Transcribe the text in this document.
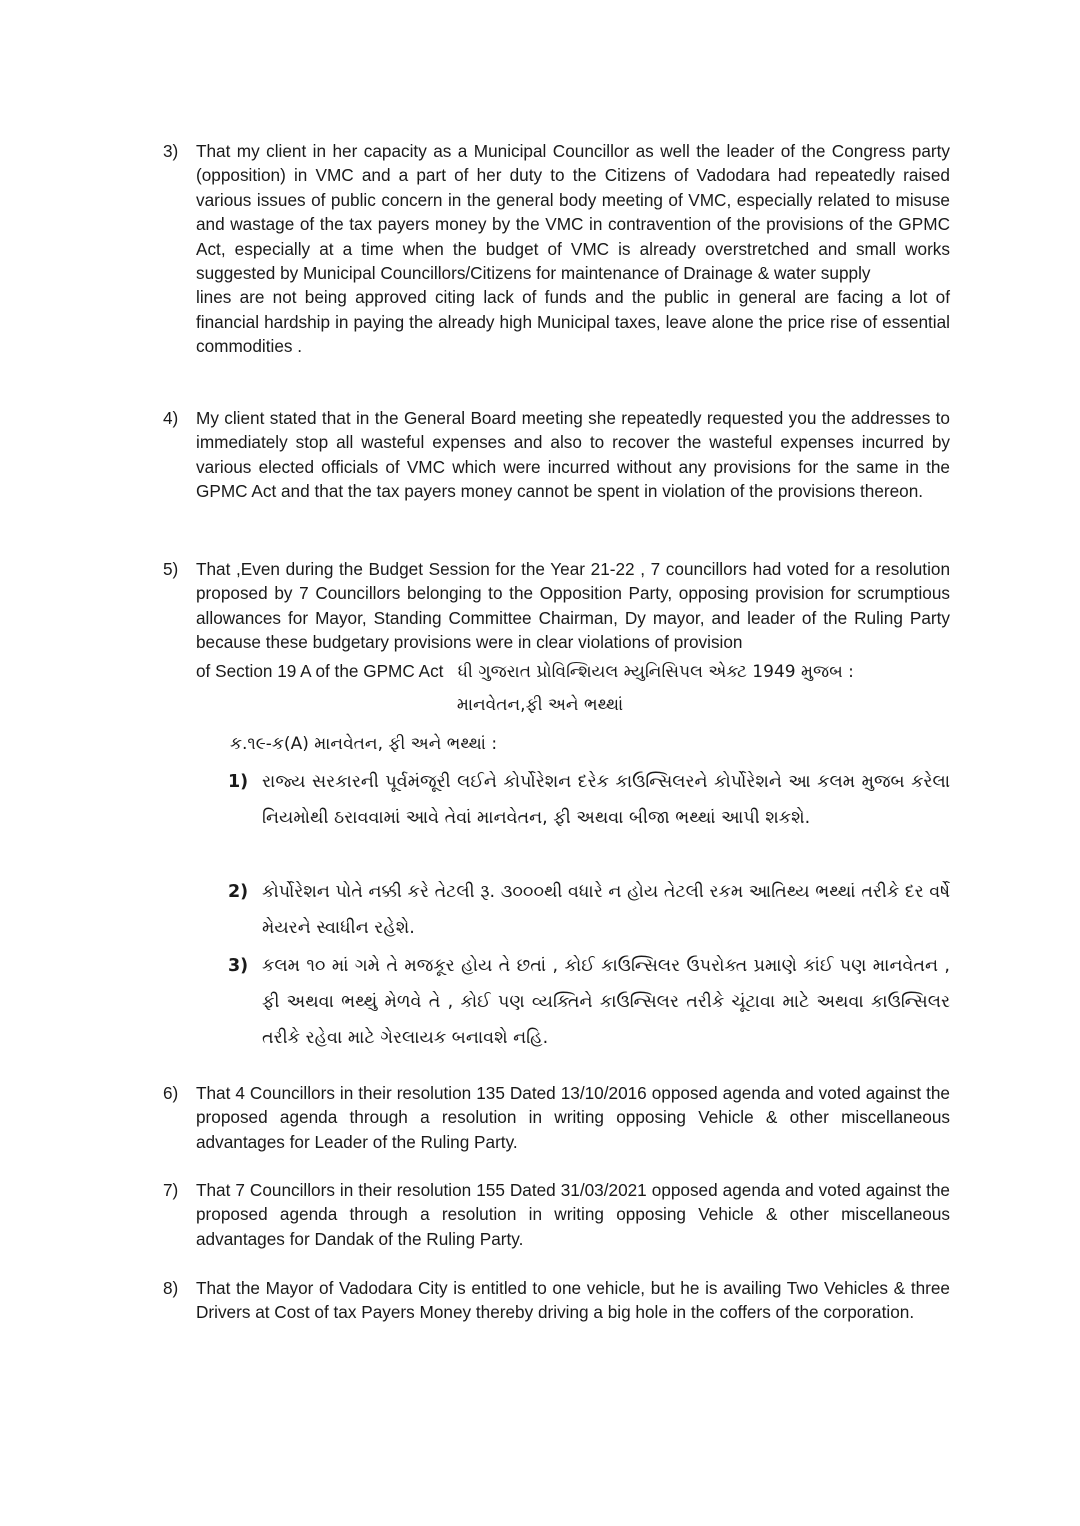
3)	That my client in her capacity as a Municipal Councillor as well the leader of the Congress party (opposition) in VMC and a part of her duty to the Citizens of Vadodara had repeatedly raised various issues of public concern in the general body meeting of VMC, especially related to misuse and wastage of the tax payers money by the VMC in contravention of the provisions of the GPMC Act, especially at a time when the budget of VMC is already overstretched and small works suggested by Municipal Councillors/Citizens for maintenance of Drainage & water supply

lines are not being approved citing lack of funds and the public in general are facing a lot of financial hardship in paying the already high Municipal taxes, leave alone the price rise of essential commodities .

4)	My client stated that in the General Board meeting she repeatedly requested you the addresses to immediately stop all wasteful expenses and also to recover the wasteful expenses incurred by various elected officials of VMC which were incurred without any provisions for the same in the GPMC Act and that the tax payers money cannot be spent in violation of the provisions thereon.

5)	That ,Even during the Budget Session for the Year 21-22 , 7 councillors had voted for a resolution proposed by 7 Councillors belonging to the Opposition Party, opposing provision for scrumptious allowances for Mayor, Standing Committee Chairman, Dy mayor, and leader of the Ruling Party because these budgetary provisions were in clear violations of provision

of Section 19 A of the GPMC Act ધી ગુજરાત પ્રોવિન્શિયલ મ્યુનિસિપલ એક્ટ 1949 મુજબ :

માનવેતન,ફી અને ભથ્થાં
ક.૧૯-ક(A) માનવેતન, ફી અને ભથ્થાં :
1) રાજ્ય સરકારની પૂર્વમંજૂરી લઈને કોર્પોરેશન દરેક કાઉન્સિલરને કોર્પોરેશને આ કલમ મુજબ કરેલા નિયમોથી ઠરાવવામાં આવે તેવાં માનવેતન, ફી અથવા બીજા ભથ્થાં આપી શકશે.
2) કોર્પોરેશન પોતે નક્કી કરે તેટલી રૂ. ૩૦૦૦થી વધારે ન હોય તેટલી રકમ આતિથ્ય ભથ્થાં તરીકે દર વર્ષે મેયરને સ્વાધીન રહેશે.
3) કલમ ૧૦ માં ગમે તે મજકૂર હોય તે છતાં , કોઈ કાઉન્સિલર ઉપરોક્ત પ્રમાણે કાંઈ પણ માનવેતન , ફી અથવા ભથ્થું મેળવે તે , કોઈ પણ વ્યક્તિને કાઉન્સિલર તરીકે ચૂંટાવા માટે અથવા કાઉન્સિલર તરીકે રહેવા માટે ગેરલાયક બનાવશે નહિ.
6)	That 4 Councillors in their resolution 135 Dated 13/10/2016 opposed agenda and voted against the proposed agenda through a resolution in writing opposing Vehicle & other miscellaneous advantages for Leader of the Ruling Party.

7)	That 7 Councillors in their resolution 155 Dated 31/03/2021 opposed agenda and voted against the proposed agenda through a resolution in writing opposing Vehicle & other miscellaneous advantages for Dandak of the Ruling Party.

8)	That the Mayor of Vadodara City is entitled to one vehicle, but he is availing Two Vehicles & three Drivers at Cost of tax Payers Money thereby driving a big hole in the coffers of the corporation.
